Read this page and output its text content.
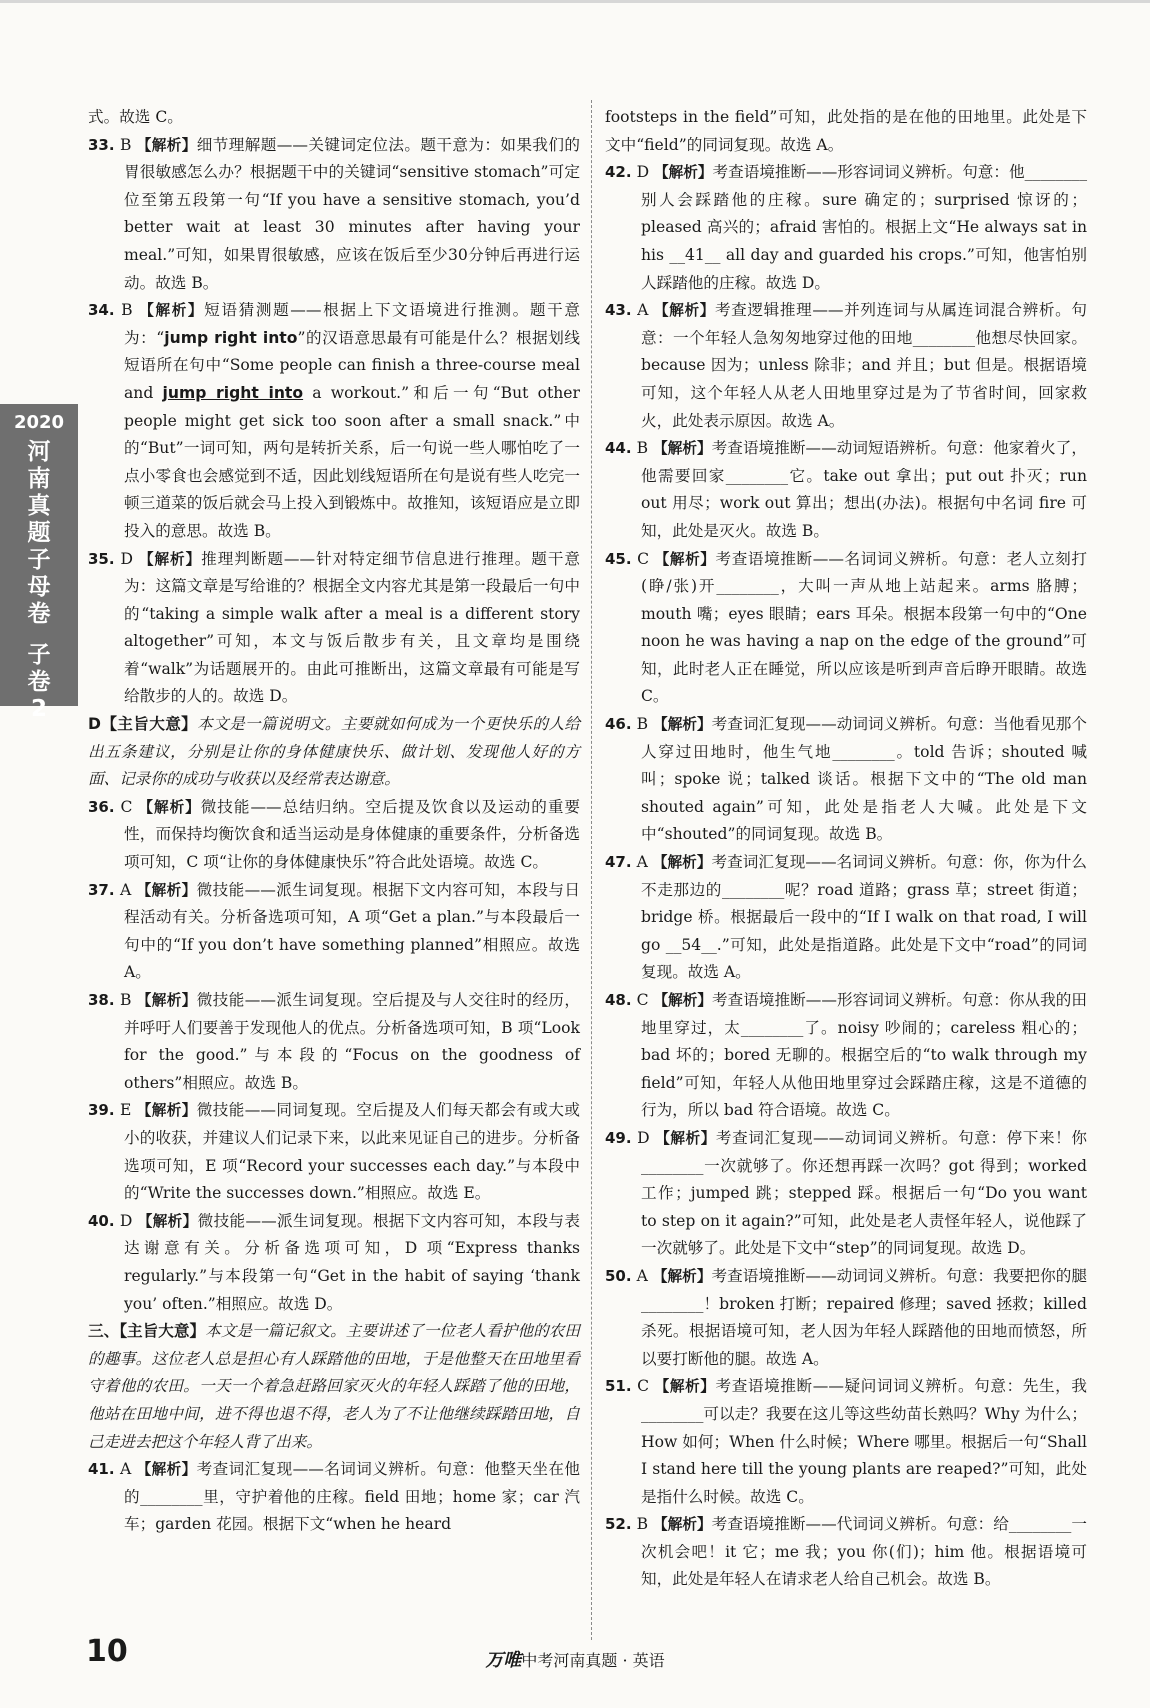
2020
河南真题子母卷
子卷2

式。故选 C。

33. B 【解析】细节理解题——关键词定位法。题干意为：如果我们的胃很敏感怎么办？根据题干中的关键词“sensitive stomach”可定位至第五段第一句“If you have a sensitive stomach, you’d better wait at least 30 minutes after having your meal.”可知，如果胃很敏感，应该在饭后至少30分钟后再进行运动。故选 B。

34. B 【解析】短语猜测题——根据上下文语境进行推测。题干意为：“jump right into”的汉语意思最有可能是什么？根据划线短语所在句中“Some people can finish a three-course meal and jump right into a workout.”和后一句“But other people might get sick too soon after a small snack.”中的“But”一词可知，两句是转折关系，后一句说一些人哪怕吃了一点小零食也会感觉到不适，因此划线短语所在句是说有些人吃完一顿三道菜的饭后就会马上投入到锻炼中。故推知，该短语应是立即投入的意思。故选 B。

35. D 【解析】推理判断题——针对特定细节信息进行推理。题干意为：这篇文章是写给谁的？根据全文内容尤其是第一段最后一句中的“taking a simple walk after a meal is a different story altogether”可知，本文与饭后散步有关，且文章均是围绕着“walk”为话题展开的。由此可推断出，这篇文章最有可能是写给散步的人的。故选 D。

D【主旨大意】本文是一篇说明文。主要就如何成为一个更快乐的人给出五条建议，分别是让你的身体健康快乐、做计划、发现他人好的方面、记录你的成功与收获以及经常表达谢意。

36. C 【解析】微技能——总结归纳。空后提及饮食以及运动的重要性，而保持均衡饮食和适当运动是身体健康的重要条件，分析备选项可知，C 项“让你的身体健康快乐”符合此处语境。故选 C。

37. A 【解析】微技能——派生词复现。根据下文内容可知，本段与日程活动有关。分析备选项可知，A 项“Get a plan.”与本段最后一句中的“If you don’t have something planned”相照应。故选 A。

38. B 【解析】微技能——派生词复现。空后提及与人交往时的经历，并呼吁人们要善于发现他人的优点。分析备选项可知，B 项“Look for the good.”与本段的“Focus on the goodness of others”相照应。故选 B。

39. E 【解析】微技能——同词复现。空后提及人们每天都会有或大或小的收获，并建议人们记录下来，以此来见证自己的进步。分析备选项可知，E 项“Record your successes each day.”与本段中的“Write the successes down.”相照应。故选 E。

40. D 【解析】微技能——派生词复现。根据下文内容可知，本段与表达谢意有关。分析备选项可知，D 项“Express thanks regularly.”与本段第一句“Get in the habit of saying ‘thank you’ often.”相照应。故选 D。

三、【主旨大意】本文是一篇记叙文。主要讲述了一位老人看护他的农田的趣事。这位老人总是担心有人踩踏他的田地，于是他整天在田地里看守着他的农田。一天一个着急赶路回家灭火的年轻人踩踏了他的田地，他站在田地中间，进不得也退不得，老人为了不让他继续踩踏田地，自己走进去把这个年轻人背了出来。

41. A 【解析】考查词汇复现——名词词义辨析。句意：他整天坐在他的________里，守护着他的庄稼。field 田地；home 家；car 汽车；garden 花园。根据下文“when he heard

footsteps in the field”可知，此处指的是在他的田地里。此处是下文中“field”的同词复现。故选 A。

42. D 【解析】考查语境推断——形容词词义辨析。句意：他________别人会踩踏他的庄稼。sure 确定的；surprised 惊讶的；pleased 高兴的；afraid 害怕的。根据上文“He always sat in his __41__ all day and guarded his crops.”可知，他害怕别人踩踏他的庄稼。故选 D。

43. A 【解析】考查逻辑推理——并列连词与从属连词混合辨析。句意：一个年轻人急匆匆地穿过他的田地________他想尽快回家。because 因为；unless 除非；and 并且；but 但是。根据语境可知，这个年轻人从老人田地里穿过是为了节省时间，回家救火，此处表示原因。故选 A。

44. B 【解析】考查语境推断——动词短语辨析。句意：他家着火了，他需要回家________它。take out 拿出；put out 扑灭；run out 用尽；work out 算出；想出(办法)。根据句中名词 fire 可知，此处是灭火。故选 B。

45. C 【解析】考查语境推断——名词词义辨析。句意：老人立刻打(睁/张)开________，大叫一声从地上站起来。arms 胳膊；mouth 嘴；eyes 眼睛；ears 耳朵。根据本段第一句中的“One noon he was having a nap on the edge of the ground”可知，此时老人正在睡觉，所以应该是听到声音后睁开眼睛。故选 C。

46. B 【解析】考查词汇复现——动词词义辨析。句意：当他看见那个人穿过田地时，他生气地________。told 告诉；shouted 喊叫；spoke 说；talked 谈话。根据下文中的“The old man shouted again”可知，此处是指老人大喊。此处是下文中“shouted”的同词复现。故选 B。

47. A 【解析】考查词汇复现——名词词义辨析。句意：你，你为什么不走那边的________呢？road 道路；grass 草；street 街道；bridge 桥。根据最后一段中的“If I walk on that road, I will go __54__.”可知，此处是指道路。此处是下文中“road”的同词复现。故选 A。

48. C 【解析】考查语境推断——形容词词义辨析。句意：你从我的田地里穿过，太________了。noisy 吵闹的；careless 粗心的；bad 坏的；bored 无聊的。根据空后的“to walk through my field”可知，年轻人从他田地里穿过会踩踏庄稼，这是不道德的行为，所以 bad 符合语境。故选 C。

49. D 【解析】考查词汇复现——动词词义辨析。句意：停下来！你________一次就够了。你还想再踩一次吗？got 得到；worked 工作；jumped 跳；stepped 踩。根据后一句“Do you want to step on it again?”可知，此处是老人责怪年轻人，说他踩了一次就够了。此处是下文中“step”的同词复现。故选 D。

50. A 【解析】考查语境推断——动词词义辨析。句意：我要把你的腿________！broken 打断；repaired 修理；saved 拯救；killed 杀死。根据语境可知，老人因为年轻人踩踏他的田地而愤怒，所以要打断他的腿。故选 A。

51. C 【解析】考查语境推断——疑问词词义辨析。句意：先生，我________可以走？我要在这儿等这些幼苗长熟吗？Why 为什么；How 如何；When 什么时候；Where 哪里。根据后一句“Shall I stand here till the young plants are reaped?”可知，此处是指什么时候。故选 C。

52. B 【解析】考查语境推断——代词词义辨析。句意：给________一次机会吧！it 它；me 我；you 你(们)；him 他。根据语境可知，此处是年轻人在请求老人给自己机会。故选 B。

10	万唯中考河南真题 · 英语
